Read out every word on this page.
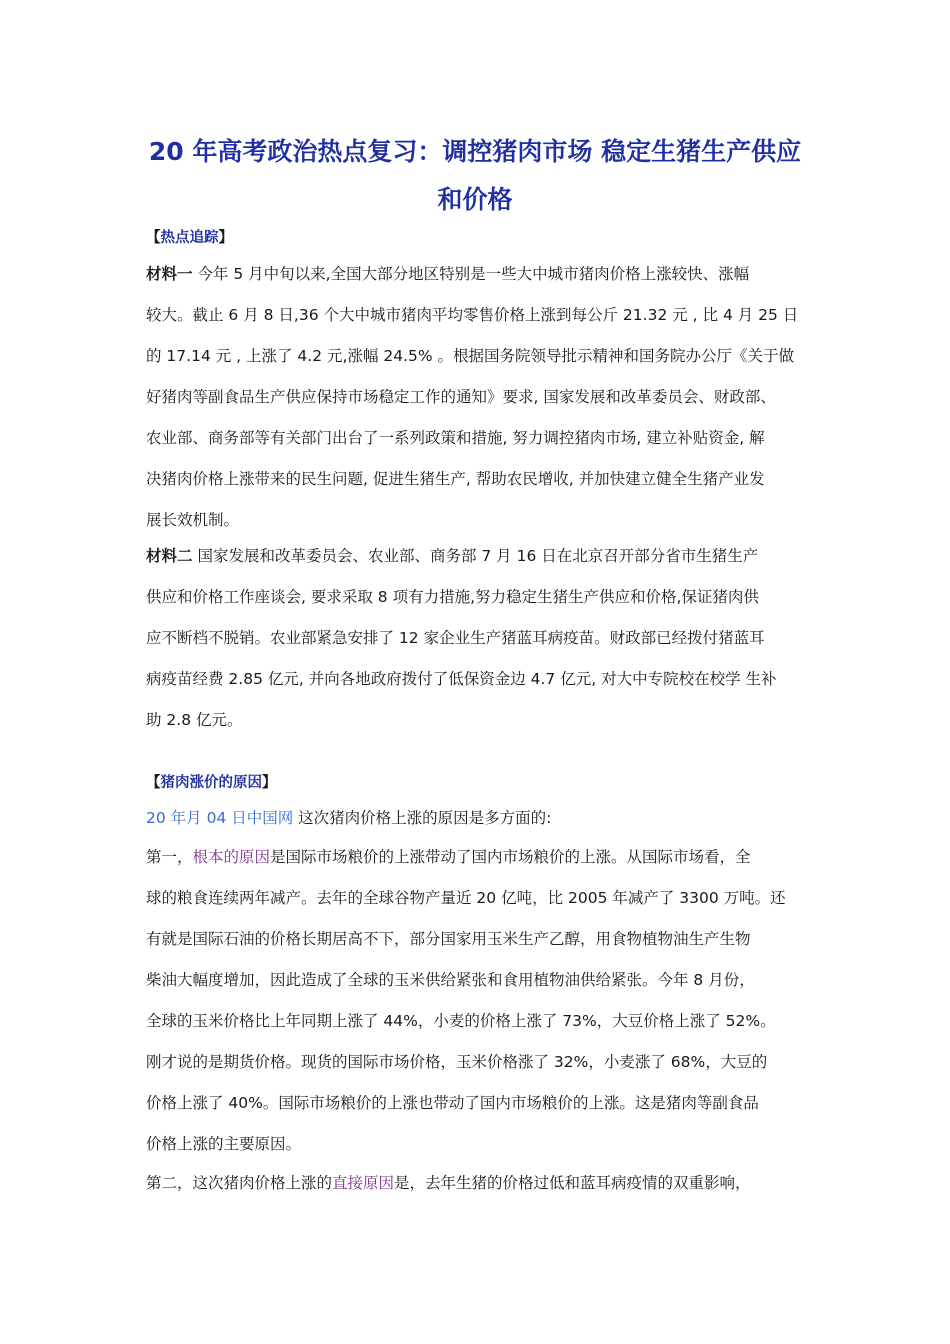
20 年高考政治热点复习：调控猪肉市场 稳定生猪生产供应
和价格
【热点追踪】
材料一 今年 5 月中旬以来,全国大部分地区特别是一些大中城市猪肉价格上涨较快、涨幅
较大。截止 6 月 8 日,36 个大中城市猪肉平均零售价格上涨到每公斤 21.32 元 , 比 4 月 25 日
的 17.14 元 , 上涨了 4.2 元,涨幅 24.5% 。根据国务院领导批示精神和国务院办公厅《关于做
好猪肉等副食品生产供应保持市场稳定工作的通知》要求, 国家发展和改革委员会、财政部、
农业部、商务部等有关部门出台了一系列政策和措施, 努力调控猪肉市场, 建立补贴资金, 解
决猪肉价格上涨带来的民生问题, 促进生猪生产, 帮助农民增收, 并加快建立健全生猪产业发
展长效机制。
材料二 国家发展和改革委员会、农业部、商务部 7 月 16 日在北京召开部分省市生猪生产
供应和价格工作座谈会, 要求采取 8 项有力措施,努力稳定生猪生产供应和价格,保证猪肉供
应不断档不脱销。农业部紧急安排了 12 家企业生产猪蓝耳病疫苗。财政部已经拨付猪蓝耳
病疫苗经费 2.85 亿元, 并向各地政府拨付了低保资金边 4.7 亿元, 对大中专院校在校学 生补
助 2.8 亿元。
【猪肉涨价的原因】
20 年月 04 日中国网 这次猪肉价格上涨的原因是多方面的:
第一，根本的原因是国际市场粮价的上涨带动了国内市场粮价的上涨。从国际市场看，全
球的粮食连续两年减产。去年的全球谷物产量近 20 亿吨，比 2005 年减产了 3300 万吨。还
有就是国际石油的价格长期居高不下，部分国家用玉米生产乙醇，用食物植物油生产生物
柴油大幅度增加，因此造成了全球的玉米供给紧张和食用植物油供给紧张。今年 8 月份，
全球的玉米价格比上年同期上涨了 44%，小麦的价格上涨了 73%，大豆价格上涨了 52%。
刚才说的是期货价格。现货的国际市场价格，玉米价格涨了 32%，小麦涨了 68%，大豆的
价格上涨了 40%。国际市场粮价的上涨也带动了国内市场粮价的上涨。这是猪肉等副食品
价格上涨的主要原因。
第二，这次猪肉价格上涨的直接原因是，去年生猪的价格过低和蓝耳病疫情的双重影响，
